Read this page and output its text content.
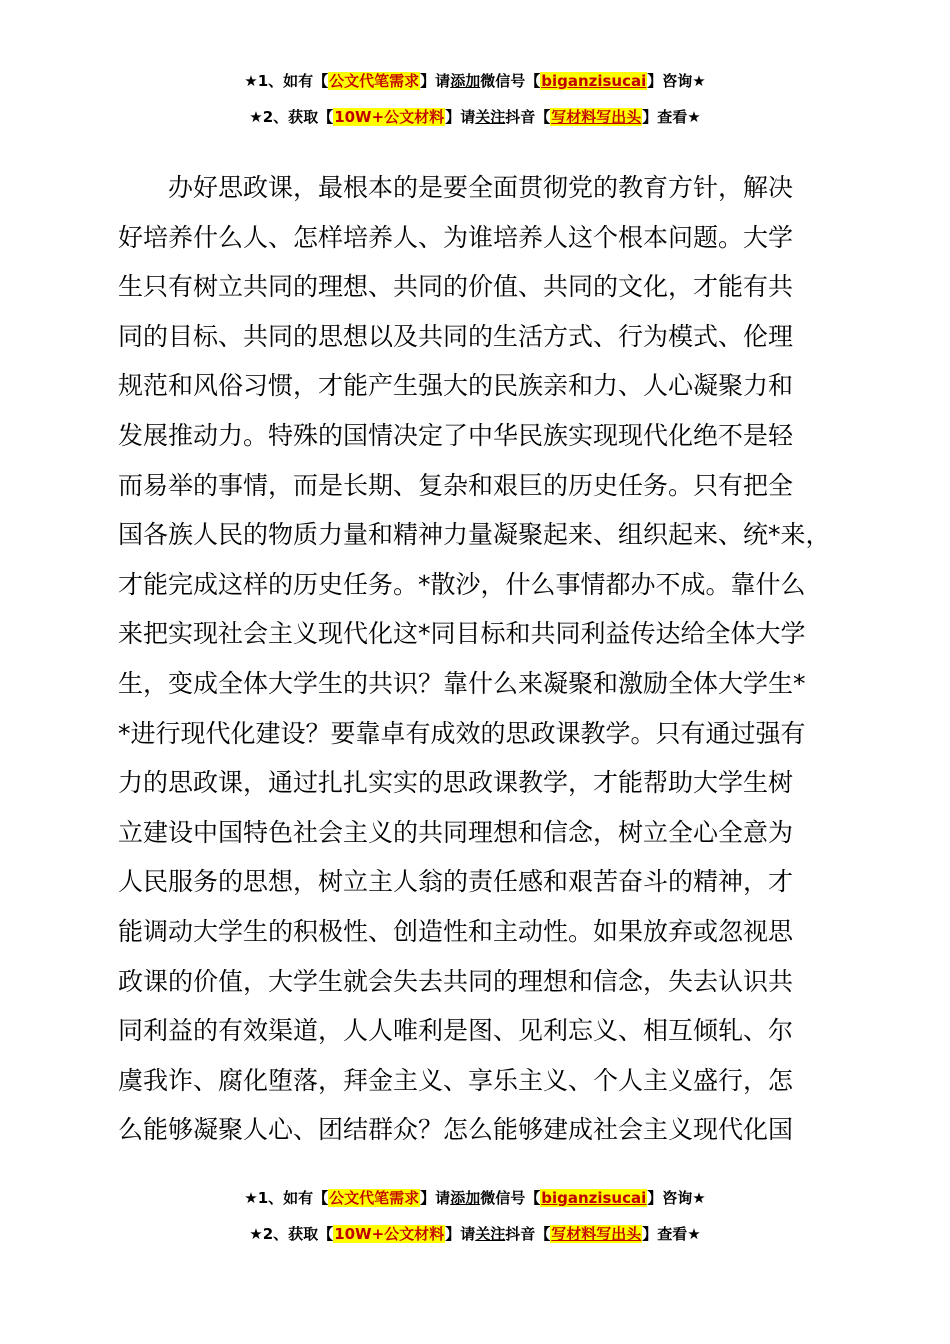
★1、如有【公文代笔需求】请添加微信号【biganzisucai】咨询★
★2、获取【10W+公文材料】请关注抖音【写材料写出头】查看★
　　办好思政课，最根本的是要全面贯彻党的教育方针，解决
好培养什么人、怎样培养人、为谁培养人这个根本问题。大学
生只有树立共同的理想、共同的价值、共同的文化，才能有共
同的目标、共同的思想以及共同的生活方式、行为模式、伦理
规范和风俗习惯，才能产生强大的民族亲和力、人心凝聚力和
发展推动力。特殊的国情决定了中华民族实现现代化绝不是轻
而易举的事情，而是长期、复杂和艰巨的历史任务。只有把全
国各族人民的物质力量和精神力量凝聚起来、组织起来、统*来，
才能完成这样的历史任务。*散沙，什么事情都办不成。靠什么
来把实现社会主义现代化这*同目标和共同利益传达给全体大学
生，变成全体大学生的共识？靠什么来凝聚和激励全体大学生*
*进行现代化建设？要靠卓有成效的思政课教学。只有通过强有
力的思政课，通过扎扎实实的思政课教学，才能帮助大学生树
立建设中国特色社会主义的共同理想和信念，树立全心全意为
人民服务的思想，树立主人翁的责任感和艰苦奋斗的精神，才
能调动大学生的积极性、创造性和主动性。如果放弃或忽视思
政课的价值，大学生就会失去共同的理想和信念，失去认识共
同利益的有效渠道，人人唯利是图、见利忘义、相互倾轧、尔
虞我诈、腐化堕落，拜金主义、享乐主义、个人主义盛行，怎
么能够凝聚人心、团结群众？怎么能够建成社会主义现代化国
★1、如有【公文代笔需求】请添加微信号【biganzisucai】咨询★
★2、获取【10W+公文材料】请关注抖音【写材料写出头】查看★
